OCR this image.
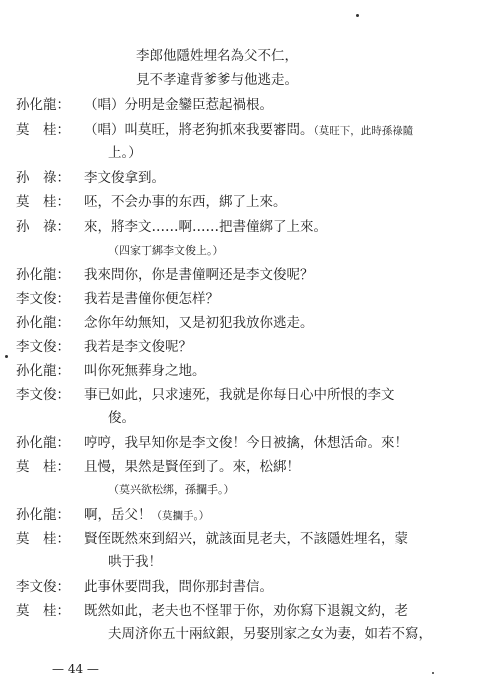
李郎他隱姓埋名為父不仁，
見不孝違背爹爹与他逃走。
孙化龍：	（唱）分明是金鑾臣惹起禍根。
莫　桂：	（唱）叫莫旺，將老狗抓來我要審問。（莫旺下，此時孫祿隨
上。）
孙　祿：	李文俊拿到。
莫　桂：	呸，不会办事的东西，綁了上來。
孙　祿：	來，將李文……啊……把書僮綁了上來。
（四家丁綁李文俊上。）
孙化龍：	我來問你，你是書僮啊还是李文俊呢？
李文俊：	我若是書僮你便怎样？
孙化龍：	念你年幼無知，又是初犯我放你逃走。
李文俊：	我若是李文俊呢？
孙化龍：	叫你死無葬身之地。
李文俊：	事已如此，只求速死，我就是你每日心中所恨的李文
俊。
孙化龍：	哼哼，我早知你是李文俊！今日被擒，休想活命。來！
莫　桂：	且慢，果然是賢侄到了。來，松綁！
（莫兴欲松绑，孫攔手。）
孙化龍：	啊，岳父！（莫攔手。）
莫　桂：	賢侄既然來到紹兴，就該面見老夫，不該隱姓埋名，蒙
哄于我！
李文俊：	此事休要問我，問你那封書信。
莫　桂：	既然如此，老夫也不怪罪于你，劝你寫下退親文約，老
夫周济你五十兩紋銀，另娶別家之女为妻，如若不寫，
— 44 —
